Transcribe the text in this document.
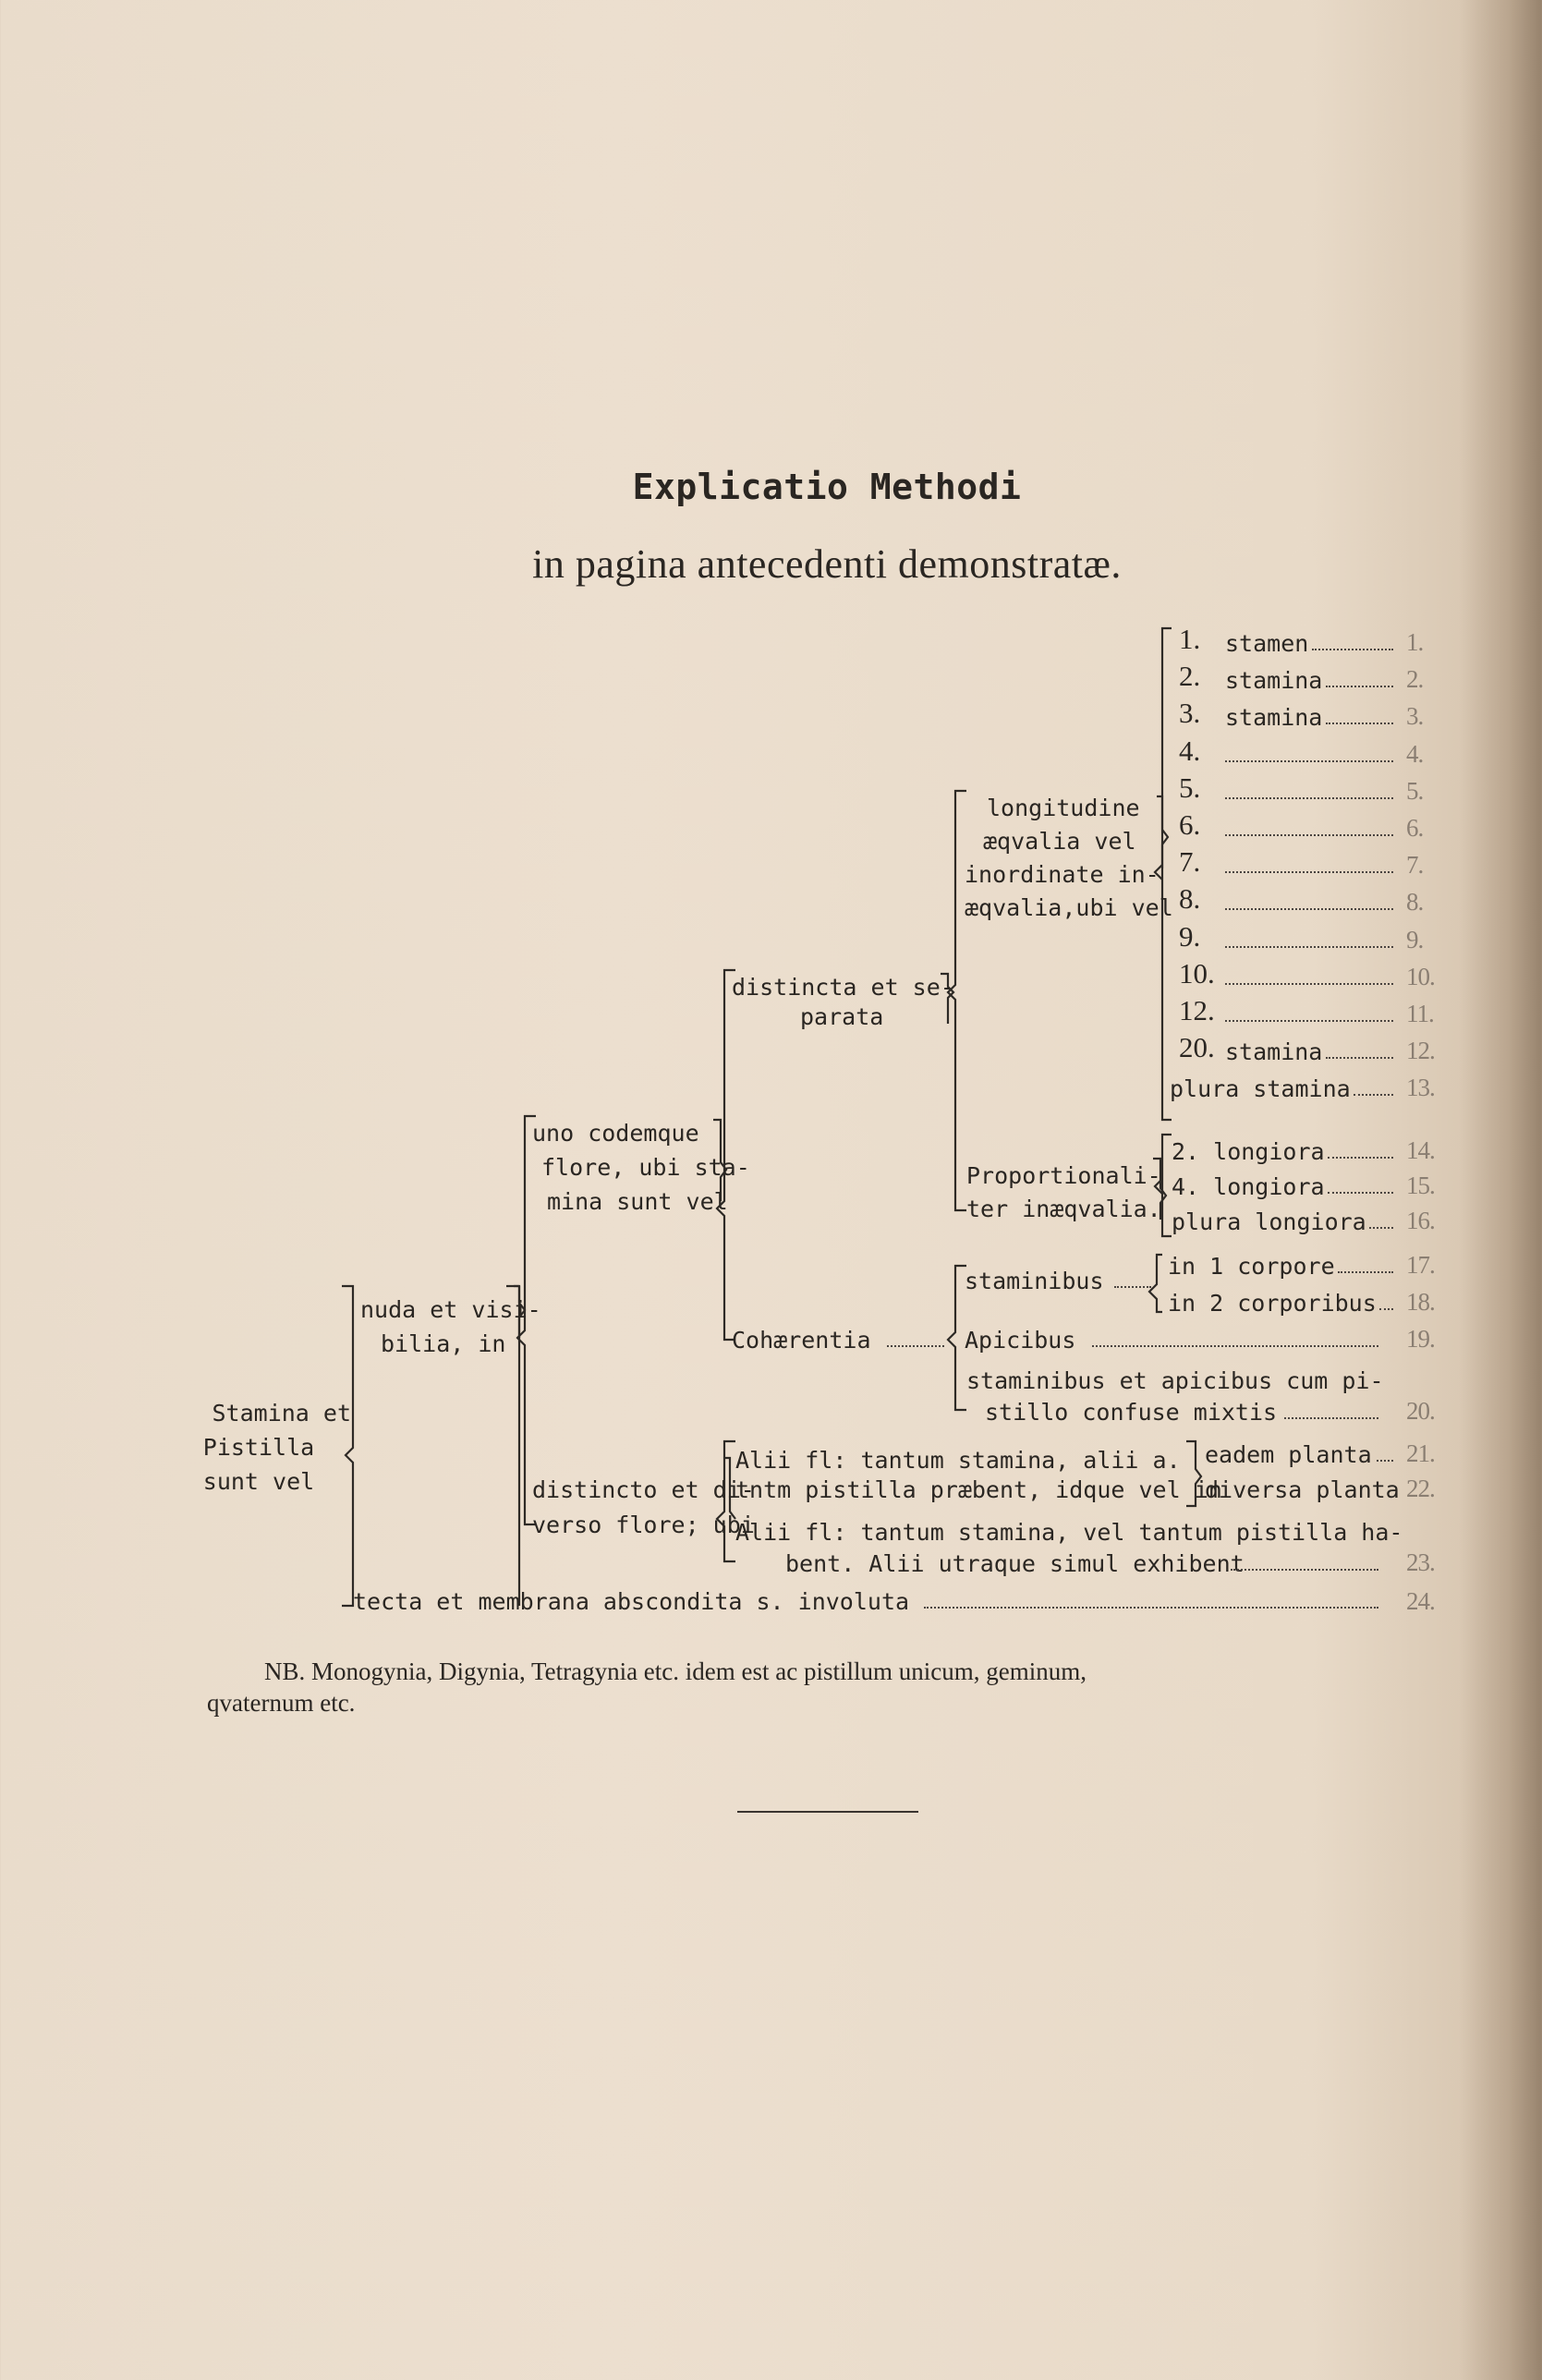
Explicatio Methodi
in pagina antecedenti demonstratæ.
Stamina et
Pistilla
sunt vel
nuda et visi-
bilia, in
uno codemque
flore, ubi sta-
mina sunt vel
distincto et di-
verso flore; ubi
distincta et se-
parata
Cohærentia
longitudine
æqvalia vel
inordinate in-
æqvalia,ubi vel
Proportionali-
ter inæqvalia.
1. stamen	1.
2. stamina	2.
3. stamina	3.
4.	4.
5.	5.
6.	6.
7.	7.
8.	8.
9.	9.
10.	10.
12.	11.
20. stamina	12.
plura stamina 13.
2. longiora	14.
4. longiora	15.
plura longiora 16.
staminibus
in 1 corpore	17.
in 2 corporibus 18.
Apicibus	19.
staminibus et apicibus cum pi-
stillo confuse mixtis	20.
Alii fl: tantum stamina, alii a.
tntm pistilla præbent, idque vel in
eadem planta 21.
diversa planta 22.
Alii fl: tantum stamina, vel tantum pistilla ha-
bent. Alii utraque simul exhibent	23.
tecta et membrana abscondita s. involuta	24.
NB. Monogynia, Digynia, Tetragynia etc. idem est ac pistillum unicum, geminum,
qvaternum etc.
